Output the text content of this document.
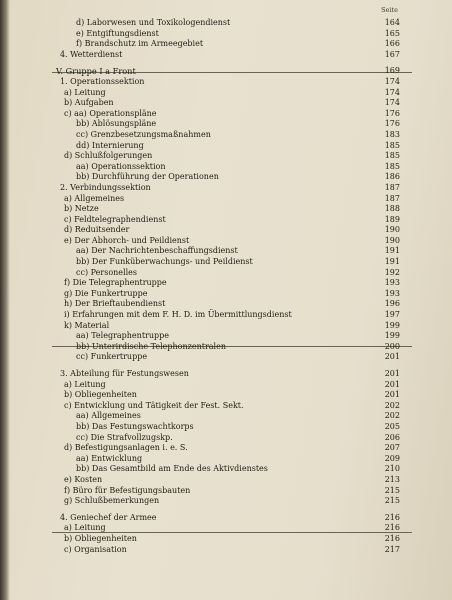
Seite
d) Laborwesen und Toxikologendienst	164
e) Entgiftungsdienst	165
f) Brandschutz im Armeegebiet	166
4. Wetterdienst	167
V. Gruppe I a Front	169
1. Operationssektion	174
a) Leitung	174
b) Aufgaben	174
c) aa) Operationspläne	176
bb) Ablösungspläne	176
cc) Grenzbesetzungsmaßnahmen	183
dd) Internierung	185
d) Schlußfolgerungen	185
aa) Operationssektion	185
bb) Durchführung der Operationen	186
2. Verbindungssektion	187
a) Allgemeines	187
b) Netze	188
c) Feldtelegraphendienst	189
d) Reduitsender	190
e) Der Abhorch- und Peildienst	190
aa) Der Nachrichtenbeschaffungsdienst	191
bb) Der Funküberwachungs- und Peildienst	191
cc) Personelles	192
f) Die Telegraphentruppe	193
g) Die Funkertruppe	193
h) Der Brieftaubendienst	196
i) Erfahrungen mit dem F. H. D. im Übermittlungsdienst	197
k) Material	199
aa) Telegraphentruppe	199
bb) Unterirdische Telephonzentralen	200
cc) Funkertruppe	201
3. Abteilung für Festungswesen	201
a) Leitung	201
b) Obliegenheiten	201
c) Entwicklung und Tätigkeit der Fest. Sekt.	202
aa) Allgemeines	202
bb) Das Festungswachtkorps	205
cc) Die Strafvollzugskp.	206
d) Befestigungsanlagen i. e. S.	207
aa) Entwicklung	209
bb) Das Gesamtbild am Ende des Aktivdienstes	210
e) Kosten	213
f) Büro für Befestigungsbauten	215
g) Schlußbemerkungen	215
4. Geniechef der Armee	216
a) Leitung	216
b) Obliegenheiten	216
c) Organisation	217
